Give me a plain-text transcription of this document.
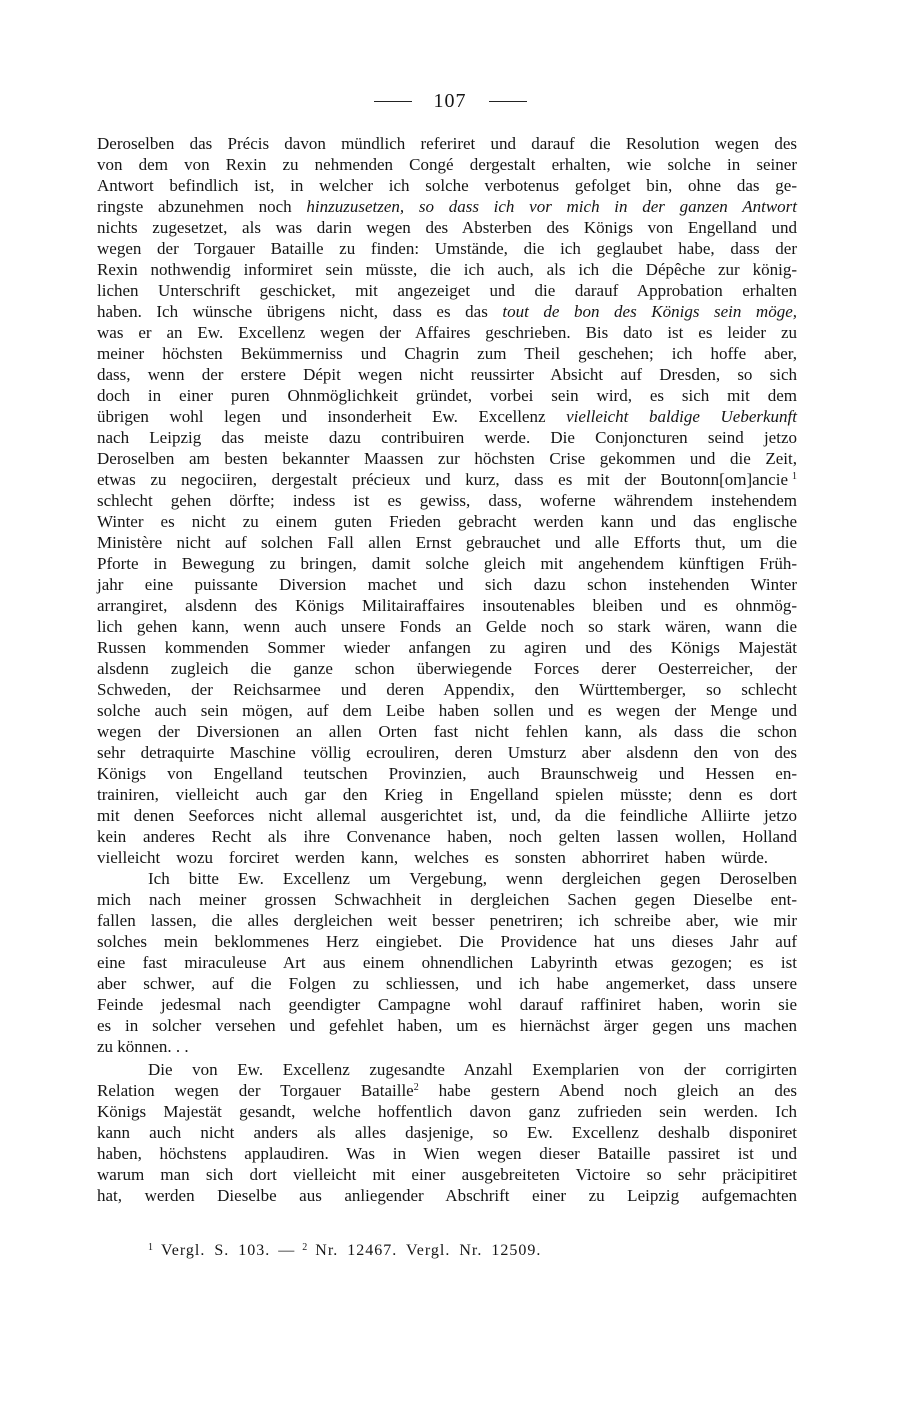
107
Deroselben das Précis davon mündlich referiret und darauf die Resolution wegen des
von dem von Rexin zu nehmenden Congé dergestalt erhalten, wie solche in seiner
Antwort befindlich ist, in welcher ich solche verbotenus gefolget bin, ohne das ge-
ringste abzunehmen noch hinzuzusetzen, so dass ich vor mich in der ganzen Antwort
nichts zugesetzet, als was darin wegen des Absterben des Königs von Engelland und
wegen der Torgauer Bataille zu finden: Umstände, die ich geglaubet habe, dass der
Rexin nothwendig informiret sein müsste, die ich auch, als ich die Dépêche zur könig-
lichen Unterschrift geschicket, mit angezeiget und die darauf Approbation erhalten
haben. Ich wünsche übrigens nicht, dass es das tout de bon des Königs sein möge,
was er an Ew. Excellenz wegen der Affaires geschrieben. Bis dato ist es leider zu
meiner höchsten Bekümmerniss und Chagrin zum Theil geschehen; ich hoffe aber,
dass, wenn der erstere Dépit wegen nicht reussirter Absicht auf Dresden, so sich
doch in einer puren Ohnmöglichkeit gründet, vorbei sein wird, es sich mit dem
übrigen wohl legen und insonderheit Ew. Excellenz vielleicht baldige Ueberkunft
nach Leipzig das meiste dazu contribuiren werde. Die Conjoncturen seind jetzo
Deroselben am besten bekannter Maassen zur höchsten Crise gekommen und die Zeit,
etwas zu negociiren, dergestalt précieux und kurz, dass es mit der Boutonn[om]ancie $^1$
schlecht gehen dörfte; indess ist es gewiss, dass, woferne währendem instehendem
Winter es nicht zu einem guten Frieden gebracht werden kann und das englische
Ministère nicht auf solchen Fall allen Ernst gebrauchet und alle Efforts thut, um die
Pforte in Bewegung zu bringen, damit solche gleich mit angehendem künftigen Früh-
jahr eine puissante Diversion machet und sich dazu schon instehenden Winter
arrangiret, alsdenn des Königs Militairaffaires insoutenables bleiben und es ohnmög-
lich gehen kann, wenn auch unsere Fonds an Gelde noch so stark wären, wann die
Russen kommenden Sommer wieder anfangen zu agiren und des Königs Majestät
alsdenn zugleich die ganze schon überwiegende Forces derer Oesterreicher, der
Schweden, der Reichsarmee und deren Appendix, den Württemberger, so schlecht
solche auch sein mögen, auf dem Leibe haben sollen und es wegen der Menge und
wegen der Diversionen an allen Orten fast nicht fehlen kann, als dass die schon
sehr detraquirte Maschine völlig ecrouliren, deren Umsturz aber alsdenn den von des
Königs von Engelland teutschen Provinzien, auch Braunschweig und Hessen en-
trainiren, vielleicht auch gar den Krieg in Engelland spielen müsste; denn es dort
mit denen Seeforces nicht allemal ausgerichtet ist, und, da die feindliche Alliirte jetzo
kein anderes Recht als ihre Convenance haben, noch gelten lassen wollen, Holland
vielleicht wozu forciret werden kann, welches es sonsten abhorriret haben würde.
Ich bitte Ew. Excellenz um Vergebung, wenn dergleichen gegen Deroselben
mich nach meiner grossen Schwachheit in dergleichen Sachen gegen Dieselbe ent-
fallen lassen, die alles dergleichen weit besser penetriren; ich schreibe aber, wie mir
solches mein beklommenes Herz eingiebet. Die Providence hat uns dieses Jahr auf
eine fast miraculeuse Art aus einem ohnendlichen Labyrinth etwas gezogen; es ist
aber schwer, auf die Folgen zu schliessen, und ich habe angemerket, dass unsere
Feinde jedesmal nach geendigter Campagne wohl darauf raffiniret haben, worin sie
es in solcher versehen und gefehlet haben, um es hiernächst ärger gegen uns machen
zu können. . .
Die von Ew. Excellenz zugesandte Anzahl Exemplarien von der corrigirten
Relation wegen der Torgauer Bataille$^2$ habe gestern Abend noch gleich an des
Königs Majestät gesandt, welche hoffentlich davon ganz zufrieden sein werden. Ich
kann auch nicht anders als alles dasjenige, so Ew. Excellenz deshalb disponiret
haben, höchstens applaudiren. Was in Wien wegen dieser Bataille passiret ist und
warum man sich dort vielleicht mit einer ausgebreiteten Victoire so sehr präcipitiret
hat, werden Dieselbe aus anliegender Abschrift einer zu Leipzig aufgemachten
$^1$ Vergl. S. 103. — $^2$ Nr. 12467. Vergl. Nr. 12509.
